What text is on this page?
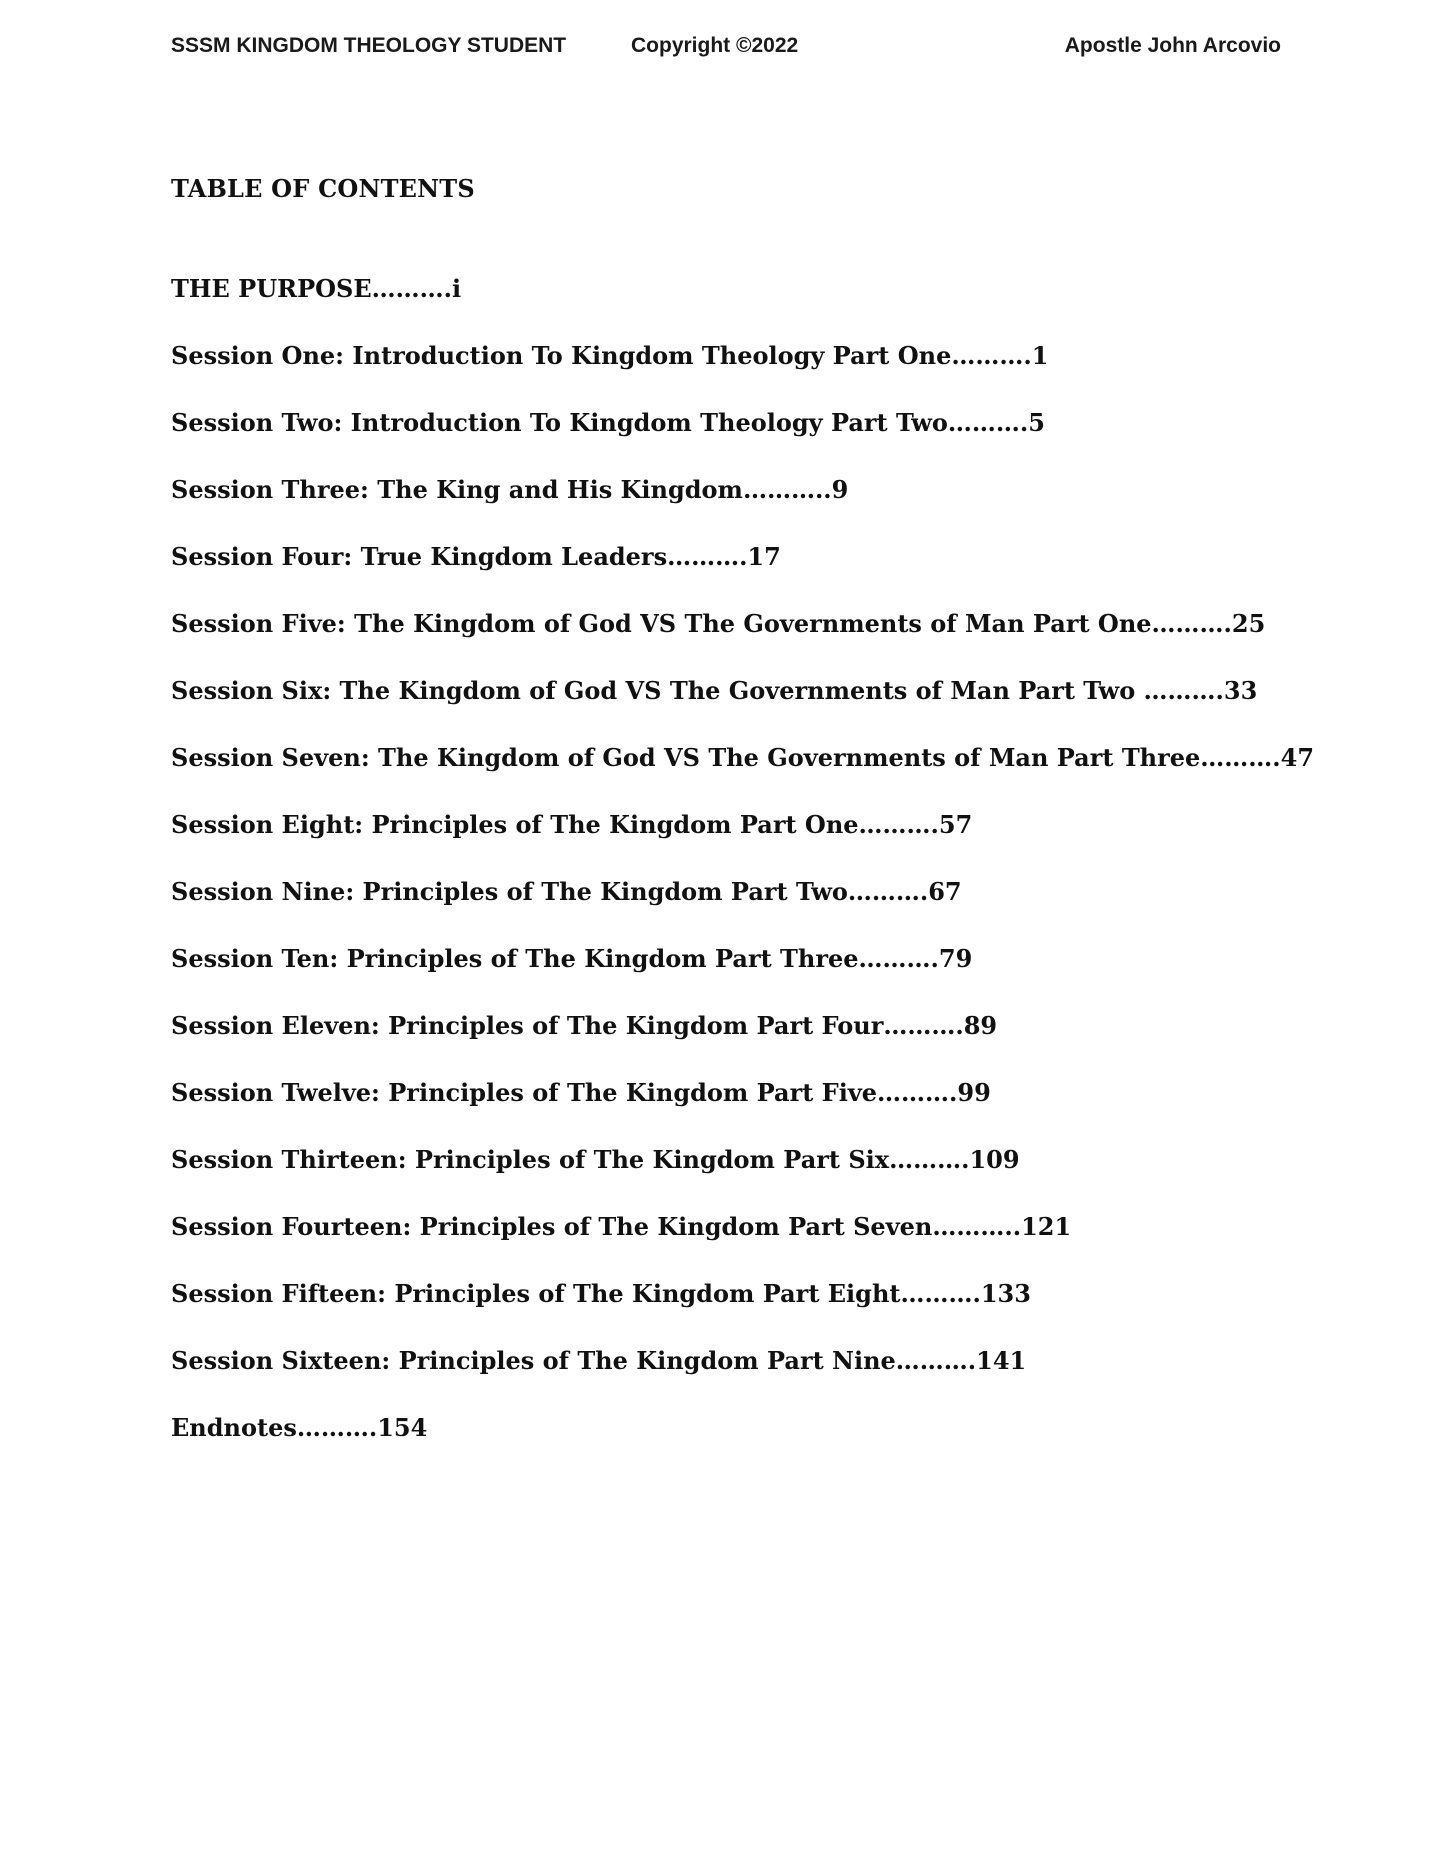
SSSM KINGDOM THEOLOGY STUDENT	Copyright ©2022	Apostle John Arcovio
TABLE OF CONTENTS
THE PURPOSE……….i
Session One: Introduction To Kingdom Theology Part One……….1
Session Two: Introduction To Kingdom Theology Part Two……….5
Session Three: The King and His Kingdom………..9
Session Four: True Kingdom Leaders……….17
Session Five: The Kingdom of God VS The Governments of Man Part One……….25
Session Six: The Kingdom of God VS The Governments of Man Part Two ……….33
Session Seven: The Kingdom of God VS The Governments of Man Part Three……….47
Session Eight: Principles of The Kingdom Part One……….57
Session Nine: Principles of The Kingdom Part Two……….67
Session Ten: Principles of The Kingdom Part Three……….79
Session Eleven: Principles of The Kingdom Part Four……….89
Session Twelve: Principles of The Kingdom Part Five……….99
Session Thirteen: Principles of The Kingdom Part Six……….109
Session Fourteen: Principles of The Kingdom Part Seven………..121
Session Fifteen: Principles of The Kingdom Part Eight……….133
Session Sixteen: Principles of The Kingdom Part Nine……….141
Endnotes……….154
